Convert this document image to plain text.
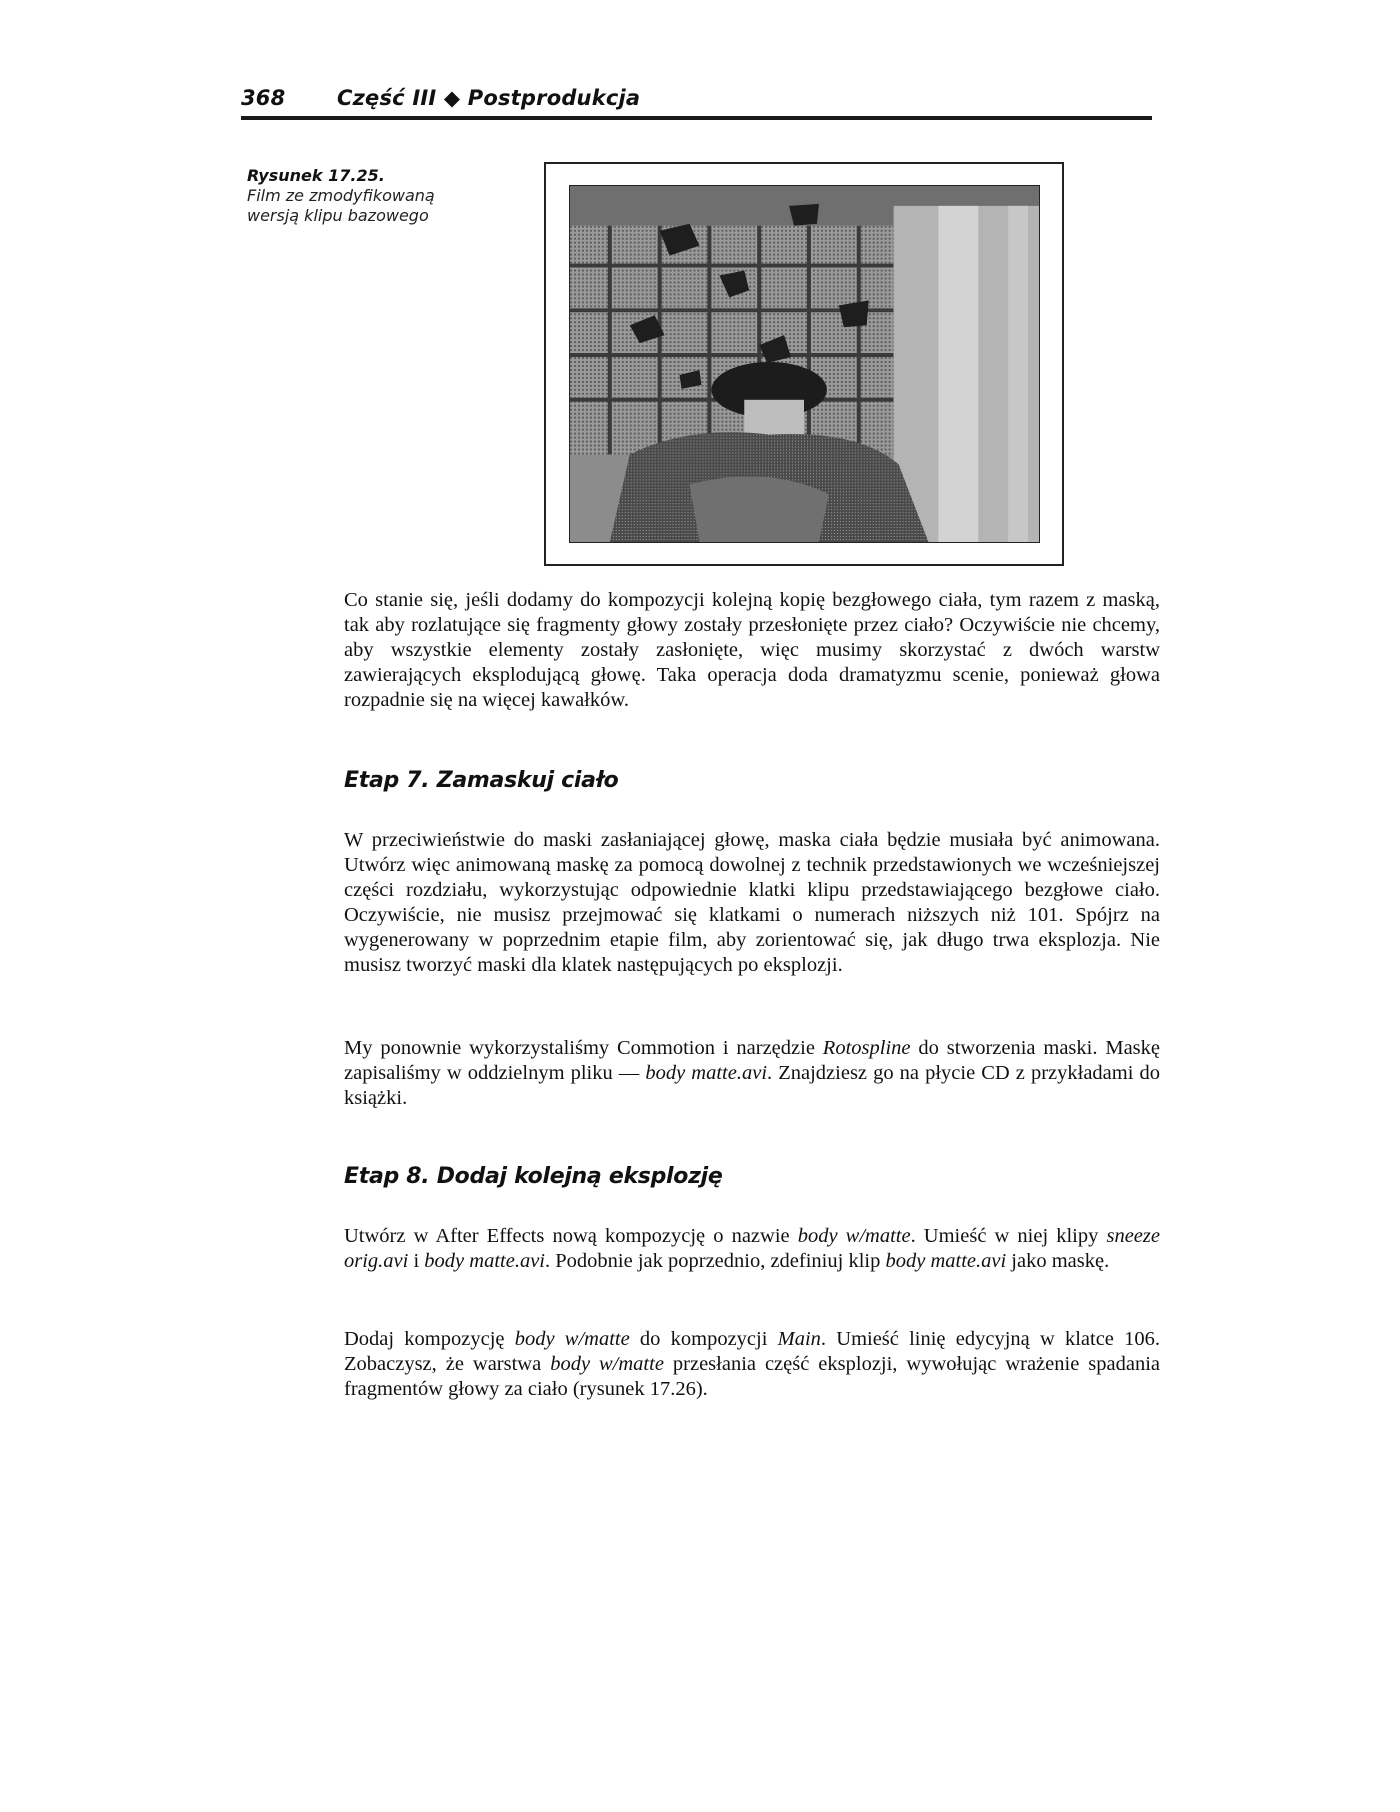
368 Część III ◆ Postprodukcja
Rysunek 17.25.
Film ze zmodyfikowaną wersją klipu bazowego

Co stanie się, jeśli dodamy do kompozycji kolejną kopię bezgłowego ciała, tym razem z maską, tak aby rozlatujące się fragmenty głowy zostały przesłonięte przez ciało? Oczywiście nie chcemy, aby wszystkie elementy zostały zasłonięte, więc musimy skorzystać z dwóch warstw zawierających eksplodującą głowę. Taka operacja doda dramatyzmu scenie, ponieważ głowa rozpadnie się na więcej kawałków.

Etap 7. Zamaskuj ciało

W przeciwieństwie do maski zasłaniającej głowę, maska ciała będzie musiała być animowana. Utwórz więc animowaną maskę za pomocą dowolnej z technik przedstawionych we wcześniejszej części rozdziału, wykorzystując odpowiednie klatki klipu przedstawiającego bezgłowe ciało. Oczywiście, nie musisz przejmować się klatkami o numerach niższych niż 101. Spójrz na wygenerowany w poprzednim etapie film, aby zorientować się, jak długo trwa eksplozja. Nie musisz tworzyć maski dla klatek następujących po eksplozji.

My ponownie wykorzystaliśmy Commotion i narzędzie Rotospline do stworzenia maski. Maskę zapisaliśmy w oddzielnym pliku — body matte.avi. Znajdziesz go na płycie CD z przykładami do książki.

Etap 8. Dodaj kolejną eksplozję

Utwórz w After Effects nową kompozycję o nazwie body w/matte. Umieść w niej klipy sneeze orig.avi i body matte.avi. Podobnie jak poprzednio, zdefiniuj klip body matte.avi jako maskę.

Dodaj kompozycję body w/matte do kompozycji Main. Umieść linię edycyjną w klatce 106. Zobaczysz, że warstwa body w/matte przesłania część eksplozji, wywołując wrażenie spadania fragmentów głowy za ciało (rysunek 17.26).
